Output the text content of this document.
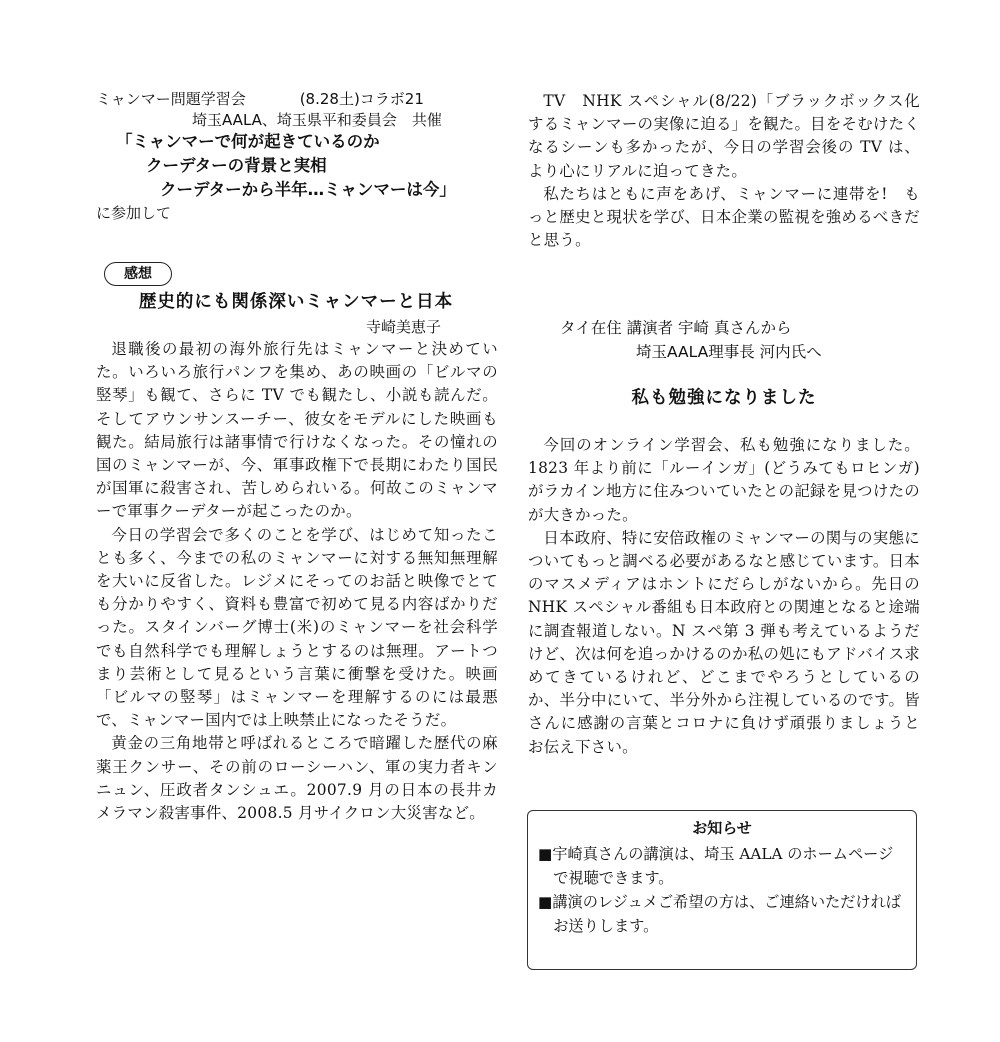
ミャンマー問題学習会	(8.28土)コラボ21
埼玉AALA、埼玉県平和委員会　共催
「ミャンマーで何が起きているのか
クーデターの背景と実相
クーデターから半年…ミャンマーは今」
に参加して
感想
歴史的にも関係深いミャンマーと日本
寺崎美恵子

退職後の最初の海外旅行先はミャンマーと決めていた。いろいろ旅行パンフを集め、あの映画の「ビルマの竪琴」も観て、さらに TV でも観たし、小説も読んだ。そしてアウンサンスーチー、彼女をモデルにした映画も観た。結局旅行は諸事情で行けなくなった。その憧れの国のミャンマーが、今、軍事政権下で長期にわたり国民が国軍に殺害され、苦しめられいる。何故このミャンマーで軍事クーデターが起こったのか。

今日の学習会で多くのことを学び、はじめて知ったことも多く、今までの私のミャンマーに対する無知無理解を大いに反省した。レジメにそってのお話と映像でとても分かりやすく、資料も豊富で初めて見る内容ばかりだった。スタインバーグ博士(米)のミャンマーを社会科学でも自然科学でも理解しょうとするのは無理。アートつまり芸術として見るという言葉に衝撃を受けた。映画「ビルマの竪琴」はミャンマーを理解するのには最悪で、ミャンマー国内では上映禁止になったそうだ。

黄金の三角地帯と呼ばれるところで暗躍した歴代の麻薬王クンサー、その前のローシーハン、軍の実力者キンニュン、圧政者タンシュエ。2007.9 月の日本の長井カメラマン殺害事件、2008.5 月サイクロン大災害など。

TV　NHK スペシャル(8/22)「ブラックボックス化するミャンマーの実像に迫る」を観た。目をそむけたくなるシーンも多かったが、今日の学習会後の TV は、より心にリアルに迫ってきた。

私たちはともに声をあげ、ミャンマーに連帯を!　もっと歴史と現状を学び、日本企業の監視を強めるべきだと思う。

タイ在住 講演者 宇崎 真さんから
埼玉AALA理事長 河内氏へ
私も勉強になりました

今回のオンライン学習会、私も勉強になりました。1823 年より前に「ルーインガ」(どうみてもロヒンガ)がラカイン地方に住みついていたとの記録を見つけたのが大きかった。

日本政府、特に安倍政権のミャンマーの関与の実態についてもっと調べる必要があるなと感じています。日本のマスメディアはホントにだらしがないから。先日の NHK スペシャル番組も日本政府との関連となると途端に調査報道しない。N スペ第 3 弾も考えているようだけど、次は何を追っかけるのか私の処にもアドバイス求めてきているけれど、どこまでやろうとしているのか、半分中にいて、半分外から注視しているのです。皆さんに感謝の言葉とコロナに負けず頑張りましょうとお伝え下さい。

お知らせ
■宇崎真さんの講演は、埼玉 AALA のホームページで視聴できます。
■講演のレジュメご希望の方は、ご連絡いただければお送りします。
